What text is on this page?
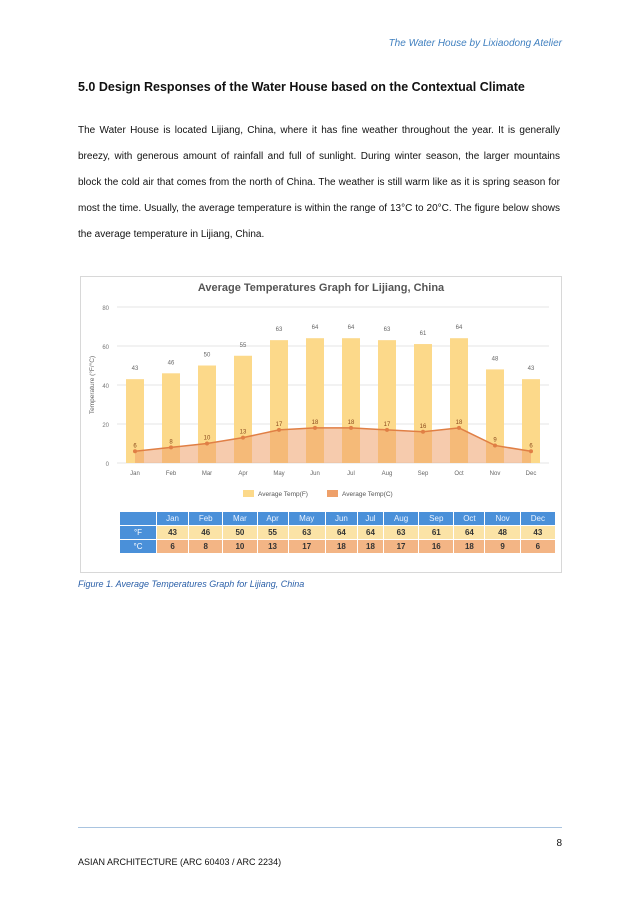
The Water House by Lixiaodong Atelier
5.0 Design Responses of the Water House based on the Contextual Climate

The Water House is located Lijiang, China, where it has fine weather throughout the year. It is generally breezy, with generous amount of rainfall and full of sunlight. During winter season, the larger mountains block the cold air that comes from the north of China. The weather is still warm like as it is spring season for most the time. Usually, the average temperature is within the range of 13°C to 20°C. The figure below shows the average temperature in Lijiang, China.

Average Temperatures Graph for Lijiang, China
0
20
40
60
80
Temperature (°F/°C)	43
46
50
55
63	64	64	63
61
64
48
43
6
8
10
13
17	18	18	17	16
18
9
6
Jan	Feb	Mar	Apr	May	Jun	Jul	Aug	Sep	Oct	Nov	Dec
Average Temp(F)	Average Temp(C)
	Jan	Feb	Mar	Apr	May	Jun	Jul	Aug	Sep	Oct	Nov	Dec
°F	43	46	50	55	63	64	64	63	61	64	48	43
°C	6	8	10	13	17	18	18	17	16	18	9	6
Figure 1. Average Temperatures Graph for Lijiang, China
8
ASIAN ARCHITECTURE (ARC 60403 / ARC 2234)
